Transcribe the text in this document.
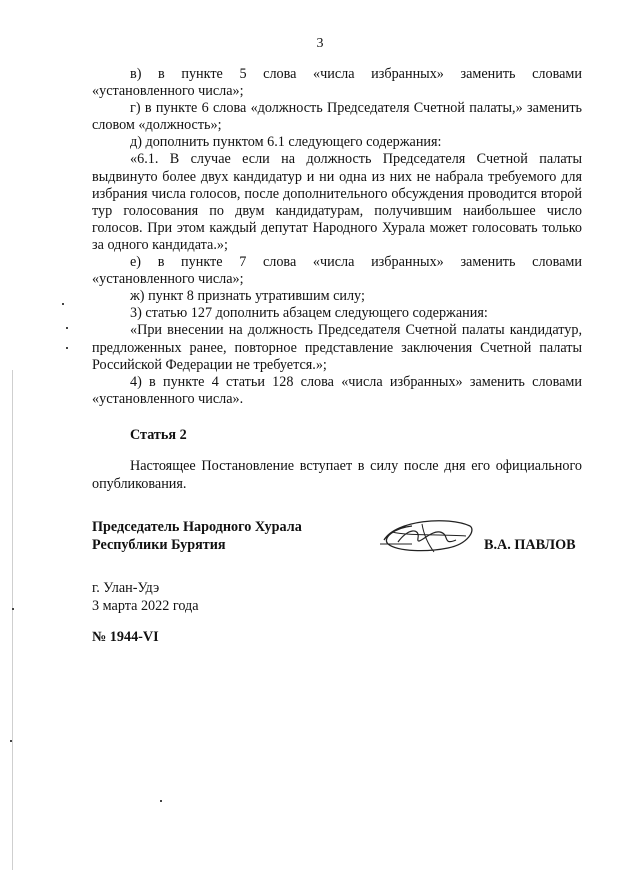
3

в) в пункте 5 слова «числа избранных» заменить словами «установленного числа»;

г) в пункте 6 слова «должность Председателя Счетной палаты,» заменить словом «должность»;

д) дополнить пунктом 6.1 следующего содержания:

«6.1. В случае если на должность Председателя Счетной палаты выдвинуто более двух кандидатур и ни одна из них не набрала требуемого для избрания числа голосов, после дополнительного обсуждения проводится второй тур голосования по двум кандидатурам, получившим наибольшее число голосов. При этом каждый депутат Народного Хурала может голосовать только за одного кандидата.»;

е) в пункте 7 слова «числа избранных» заменить словами «установленного числа»;

ж) пункт 8 признать утратившим силу;

3) статью 127 дополнить абзацем следующего содержания:

«При внесении на должность Председателя Счетной палаты кандидатур, предложенных ранее, повторное представление заключения Счетной палаты Российской Федерации не требуется.»;

4) в пункте 4 статьи 128 слова «числа избранных» заменить словами «установленного числа».

Статья 2

Настоящее Постановление вступает в силу после дня его официального опубликования.

Председатель Народного Хурала
Республики Бурятия	В.А. ПАВЛОВ
г. Улан-Удэ
3 марта 2022 года
№ 1944-VI
